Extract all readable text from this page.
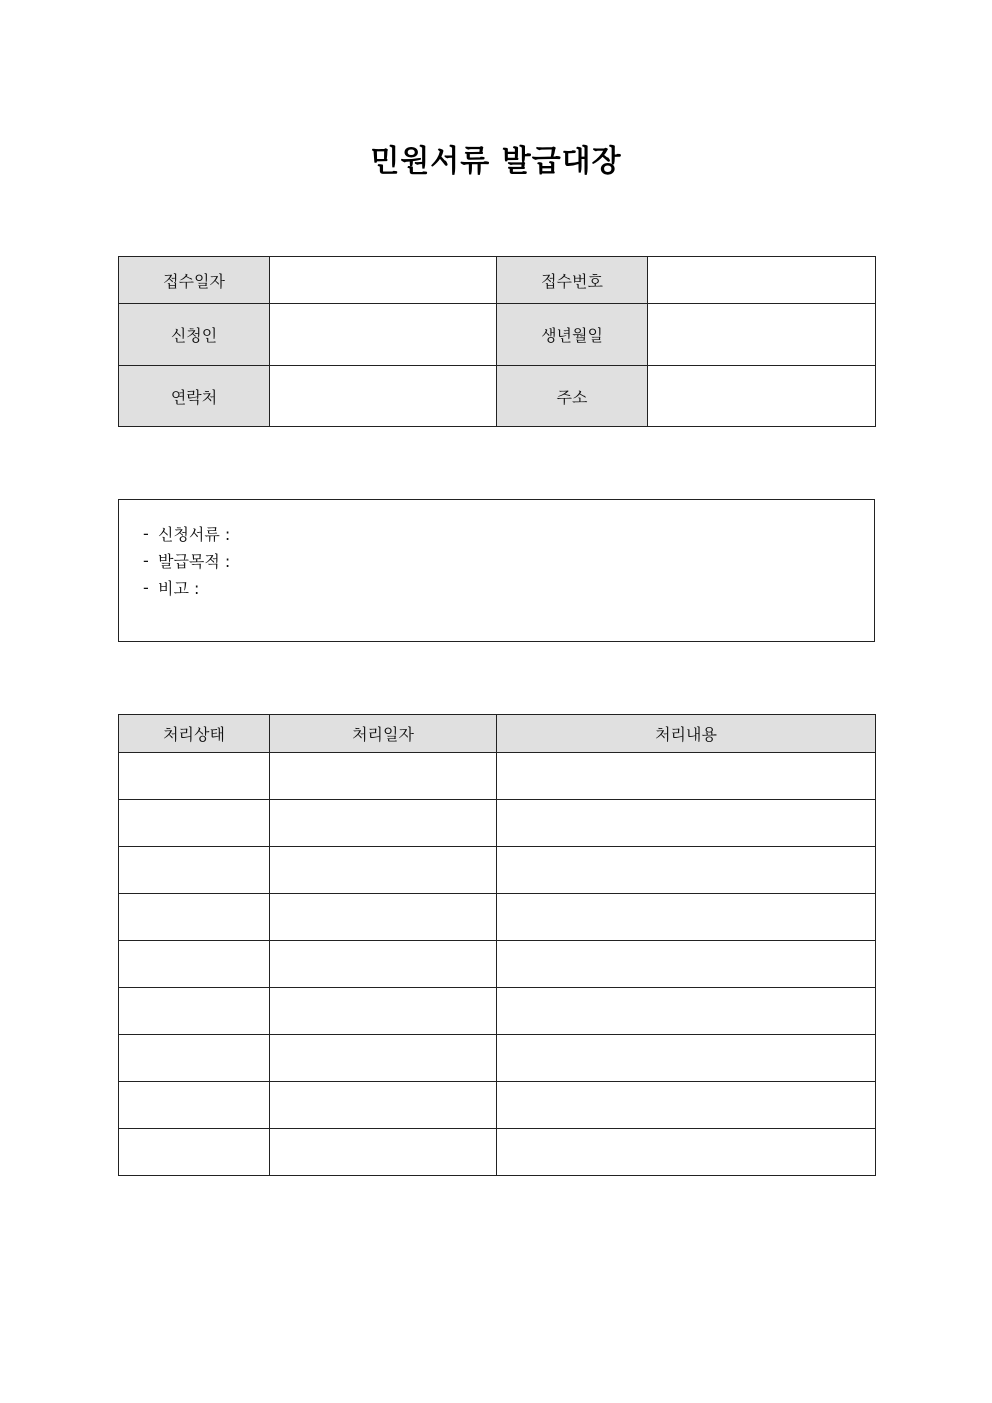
민원서류 발급대장
접수일자		접수번호	
신청인		생년월일	
연락처		주소	
- 신청서류 :
- 발급목적 :
- 비고 :
처리상태	처리일자	처리내용
